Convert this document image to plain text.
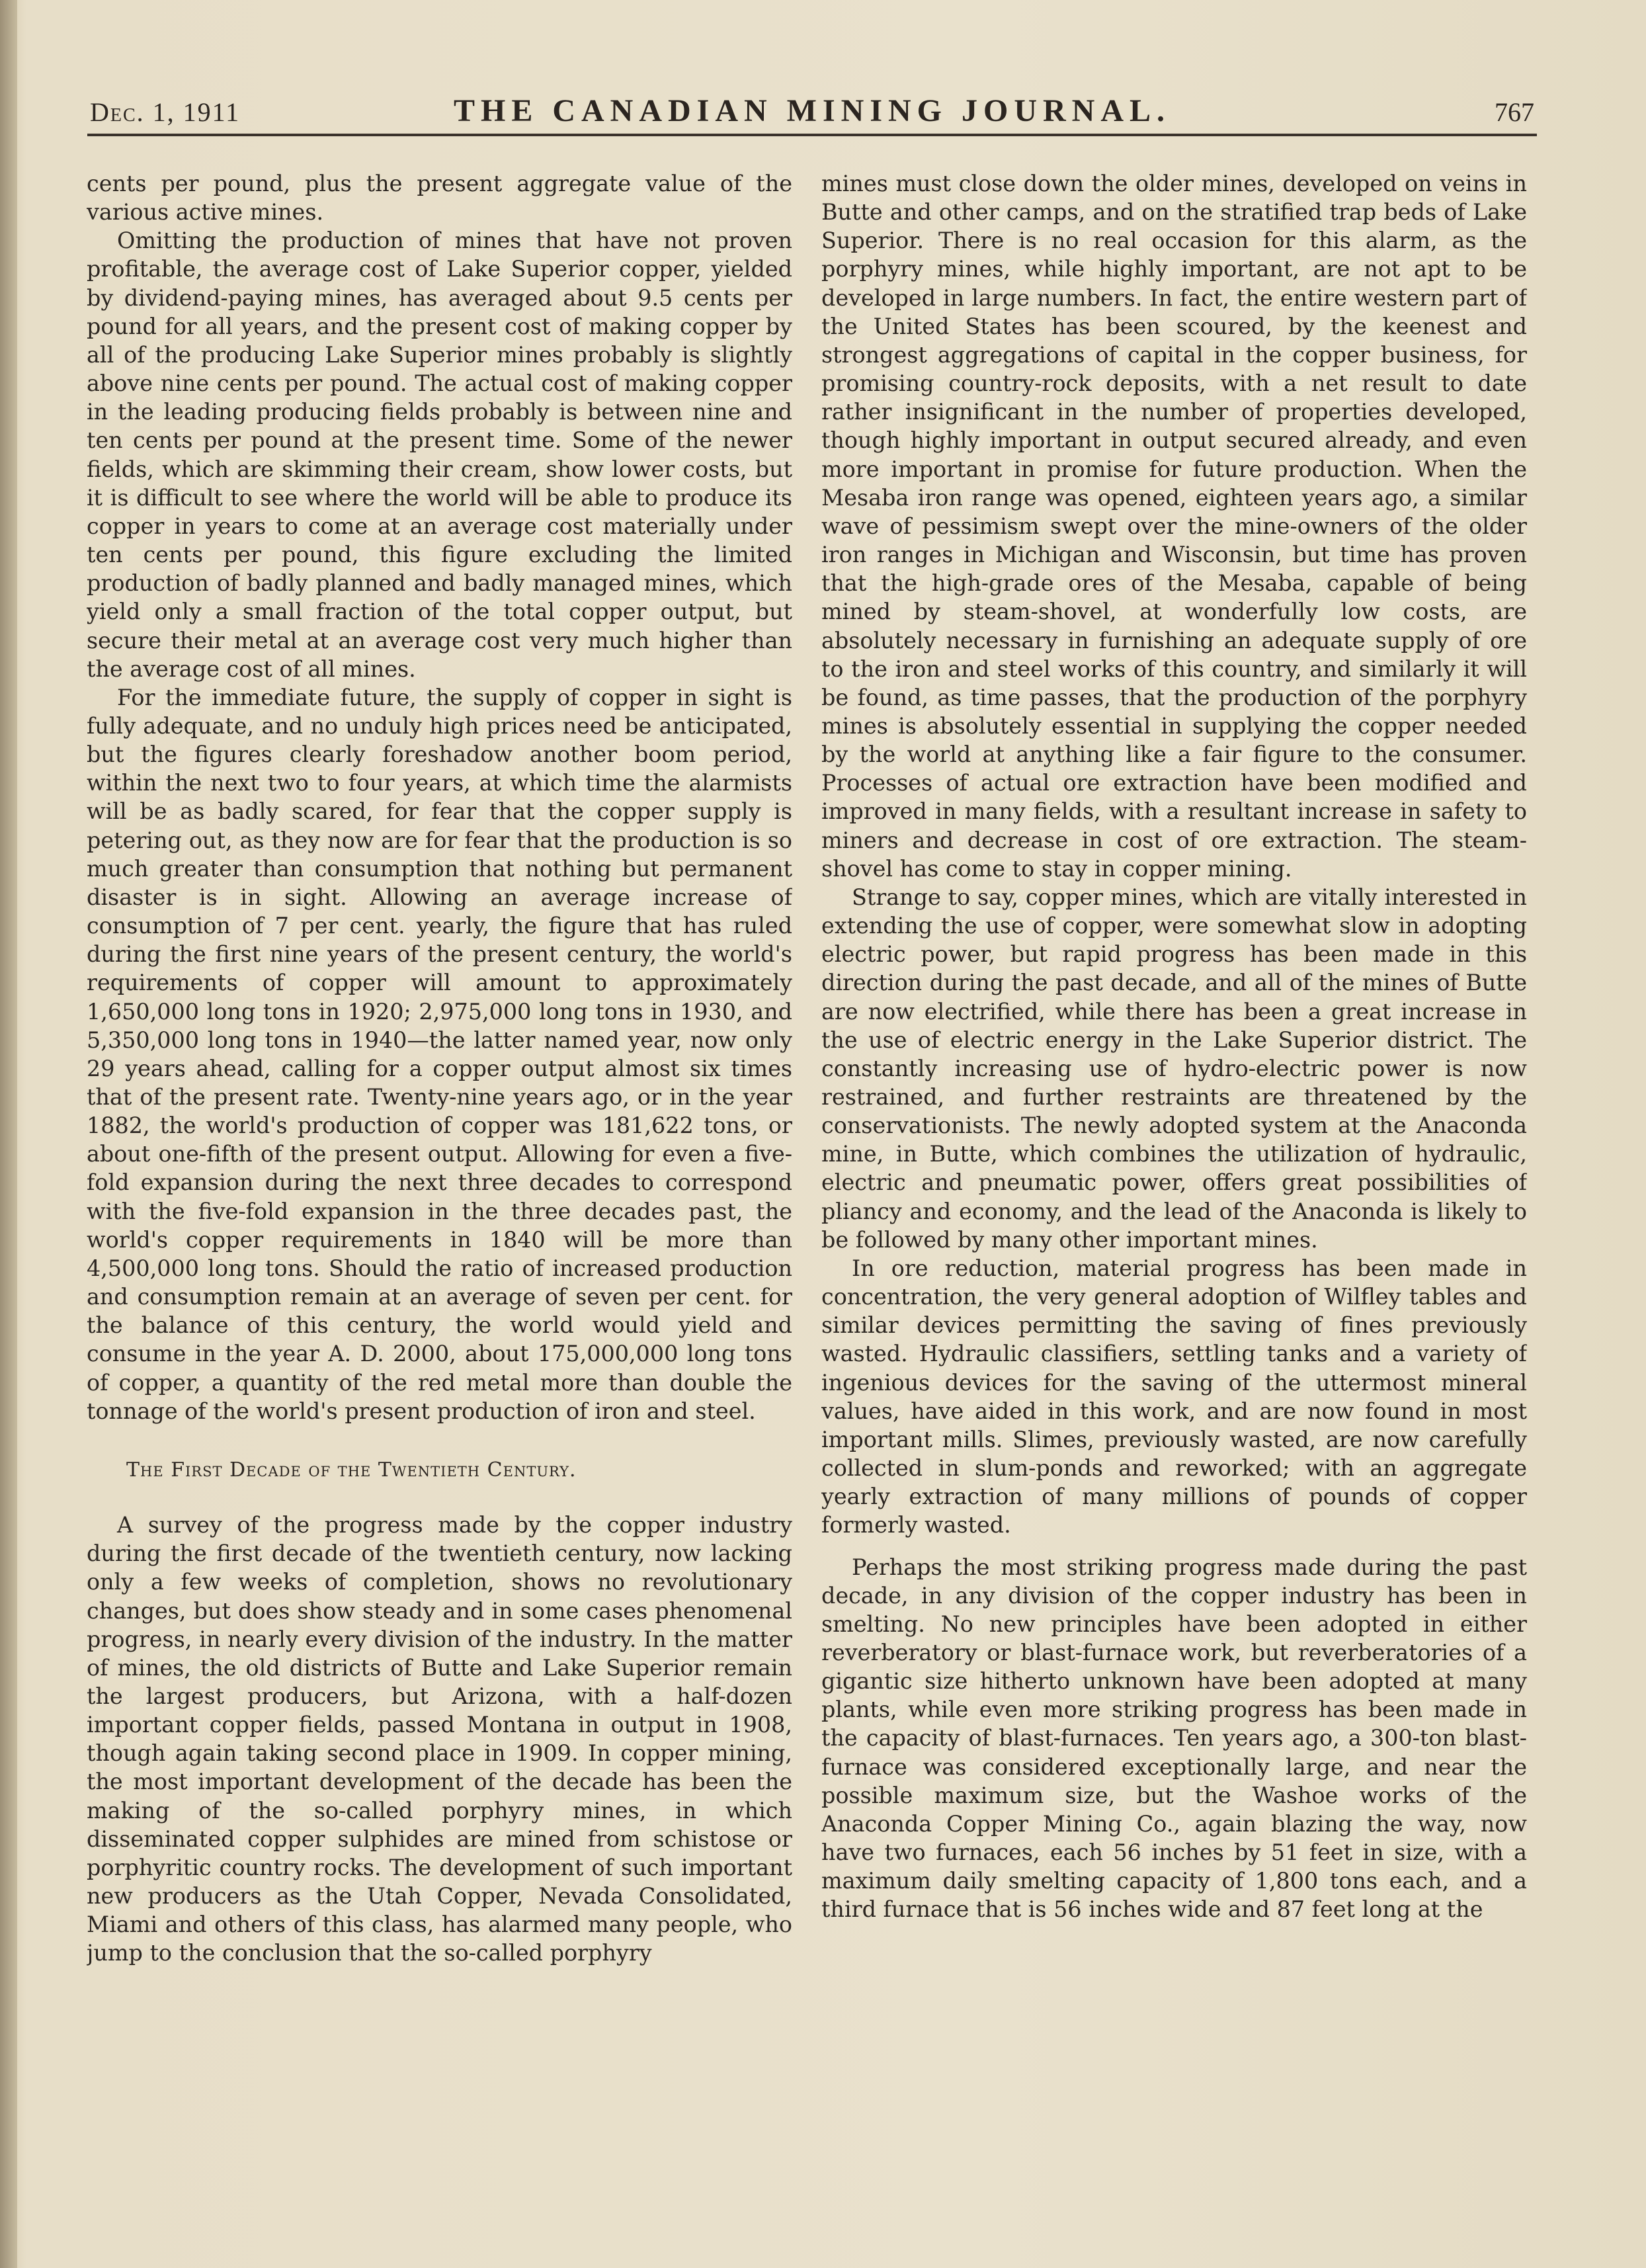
Dec. 1, 1911	THE CANADIAN MINING JOURNAL.	767

cents per pound, plus the present aggregate value of the various active mines.

Omitting the production of mines that have not proven profitable, the average cost of Lake Superior copper, yielded by dividend-paying mines, has averaged about 9.5 cents per pound for all years, and the present cost of making copper by all of the producing Lake Superior mines probably is slightly above nine cents per pound. The actual cost of making copper in the leading producing fields probably is between nine and ten cents per pound at the present time. Some of the newer fields, which are skimming their cream, show lower costs, but it is difficult to see where the world will be able to produce its copper in years to come at an average cost materially under ten cents per pound, this figure excluding the limited production of badly planned and badly managed mines, which yield only a small fraction of the total copper output, but secure their metal at an average cost very much higher than the average cost of all mines.

For the immediate future, the supply of copper in sight is fully adequate, and no unduly high prices need be anticipated, but the figures clearly foreshadow another boom period, within the next two to four years, at which time the alarmists will be as badly scared, for fear that the copper supply is petering out, as they now are for fear that the production is so much greater than consumption that nothing but permanent disaster is in sight. Allowing an average increase of consumption of 7 per cent. yearly, the figure that has ruled during the first nine years of the present century, the world's requirements of copper will amount to approximately 1,650,000 long tons in 1920; 2,975,000 long tons in 1930, and 5,350,000 long tons in 1940—the latter named year, now only 29 years ahead, calling for a copper output almost six times that of the present rate. Twenty-nine years ago, or in the year 1882, the world's production of copper was 181,622 tons, or about one-fifth of the present output. Allowing for even a five-fold expansion during the next three decades to correspond with the five-fold expansion in the three decades past, the world's copper requirements in 1840 will be more than 4,500,000 long tons. Should the ratio of increased production and consumption remain at an average of seven per cent. for the balance of this century, the world would yield and consume in the year A. D. 2000, about 175,000,000 long tons of copper, a quantity of the red metal more than double the tonnage of the world's present production of iron and steel.

The First Decade of the Twentieth Century.

A survey of the progress made by the copper industry during the first decade of the twentieth century, now lacking only a few weeks of completion, shows no revolutionary changes, but does show steady and in some cases phenomenal progress, in nearly every division of the industry. In the matter of mines, the old districts of Butte and Lake Superior remain the largest producers, but Arizona, with a half-dozen important copper fields, passed Montana in output in 1908, though again taking second place in 1909. In copper mining, the most important development of the decade has been the making of the so-called porphyry mines, in which disseminated copper sulphides are mined from schistose or porphyritic country rocks. The development of such important new producers as the Utah Copper, Nevada Consolidated, Miami and others of this class, has alarmed many people, who jump to the conclusion that the so-called porphyry

mines must close down the older mines, developed on veins in Butte and other camps, and on the stratified trap beds of Lake Superior. There is no real occasion for this alarm, as the porphyry mines, while highly important, are not apt to be developed in large numbers. In fact, the entire western part of the United States has been scoured, by the keenest and strongest aggregations of capital in the copper business, for promising country-rock deposits, with a net result to date rather insignificant in the number of properties developed, though highly important in output secured already, and even more important in promise for future production. When the Mesaba iron range was opened, eighteen years ago, a similar wave of pessimism swept over the mine-owners of the older iron ranges in Michigan and Wisconsin, but time has proven that the high-grade ores of the Mesaba, capable of being mined by steam-shovel, at wonderfully low costs, are absolutely necessary in furnishing an adequate supply of ore to the iron and steel works of this country, and similarly it will be found, as time passes, that the production of the porphyry mines is absolutely essential in supplying the copper needed by the world at anything like a fair figure to the consumer. Processes of actual ore extraction have been modified and improved in many fields, with a resultant increase in safety to miners and decrease in cost of ore extraction. The steam-shovel has come to stay in copper mining.

Strange to say, copper mines, which are vitally interested in extending the use of copper, were somewhat slow in adopting electric power, but rapid progress has been made in this direction during the past decade, and all of the mines of Butte are now electrified, while there has been a great increase in the use of electric energy in the Lake Superior district. The constantly increasing use of hydro-electric power is now restrained, and further restraints are threatened by the conservationists. The newly adopted system at the Anaconda mine, in Butte, which combines the utilization of hydraulic, electric and pneumatic power, offers great possibilities of pliancy and economy, and the lead of the Anaconda is likely to be followed by many other important mines.

In ore reduction, material progress has been made in concentration, the very general adoption of Wilfley tables and similar devices permitting the saving of fines previously wasted. Hydraulic classifiers, settling tanks and a variety of ingenious devices for the saving of the uttermost mineral values, have aided in this work, and are now found in most important mills. Slimes, previously wasted, are now carefully collected in slum-ponds and reworked; with an aggregate yearly extraction of many millions of pounds of copper formerly wasted.

Perhaps the most striking progress made during the past decade, in any division of the copper industry has been in smelting. No new principles have been adopted in either reverberatory or blast-furnace work, but reverberatories of a gigantic size hitherto unknown have been adopted at many plants, while even more striking progress has been made in the capacity of blast-furnaces. Ten years ago, a 300-ton blast-furnace was considered exceptionally large, and near the possible maximum size, but the Washoe works of the Anaconda Copper Mining Co., again blazing the way, now have two furnaces, each 56 inches by 51 feet in size, with a maximum daily smelting capacity of 1,800 tons each, and a third furnace that is 56 inches wide and 87 feet long at the
